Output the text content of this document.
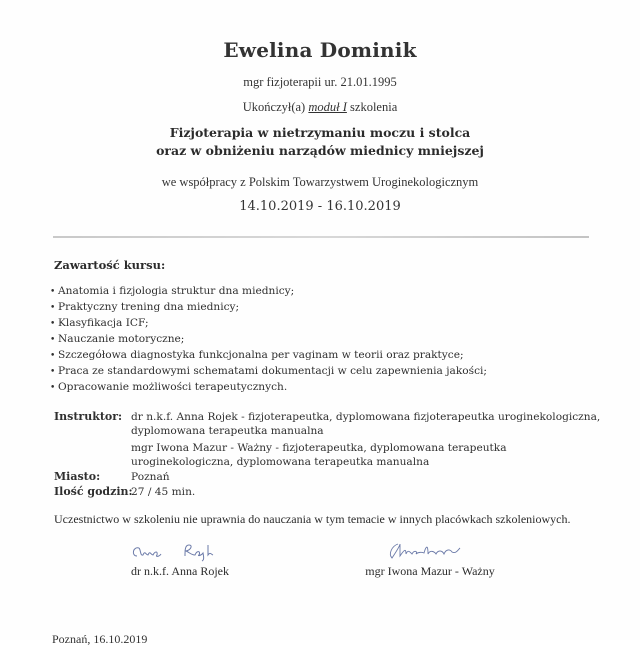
Ewelina Dominik
mgr fizjoterapii ur. 21.01.1995
Ukończył(a) moduł I szkolenia
Fizjoterapia w nietrzymaniu moczu i stolca
oraz w obniżeniu narządów miednicy mniejszej
we współpracy z Polskim Towarzystwem Uroginekologicznym
14.10.2019 - 16.10.2019
Zawartość kursu:
• Anatomia i fizjologia struktur dna miednicy;
• Praktyczny trening dna miednicy;
• Klasyfikacja ICF;
• Nauczanie motoryczne;
• Szczegółowa diagnostyka funkcjonalna per vaginam w teorii oraz praktyce;
• Praca ze standardowymi schematami dokumentacji w celu zapewnienia jakości;
• Opracowanie możliwości terapeutycznych.
Instruktor: dr n.k.f. Anna Rojek - fizjoterapeutka, dyplomowana fizjoterapeutka uroginekologiczna,
dyplomowana terapeutka manualna
mgr Iwona Mazur - Ważny - fizjoterapeutka, dyplomowana terapeutka
uroginekologiczna, dyplomowana terapeutka manualna
Miasto:	Poznań
Ilość godzin:
27 / 45 min.
Uczestnictwo w szkoleniu nie uprawnia do nauczania w tym temacie w innych placówkach szkoleniowych.
dr n.k.f. Anna Rojek	mgr Iwona Mazur - Ważny
Poznań, 16.10.2019
